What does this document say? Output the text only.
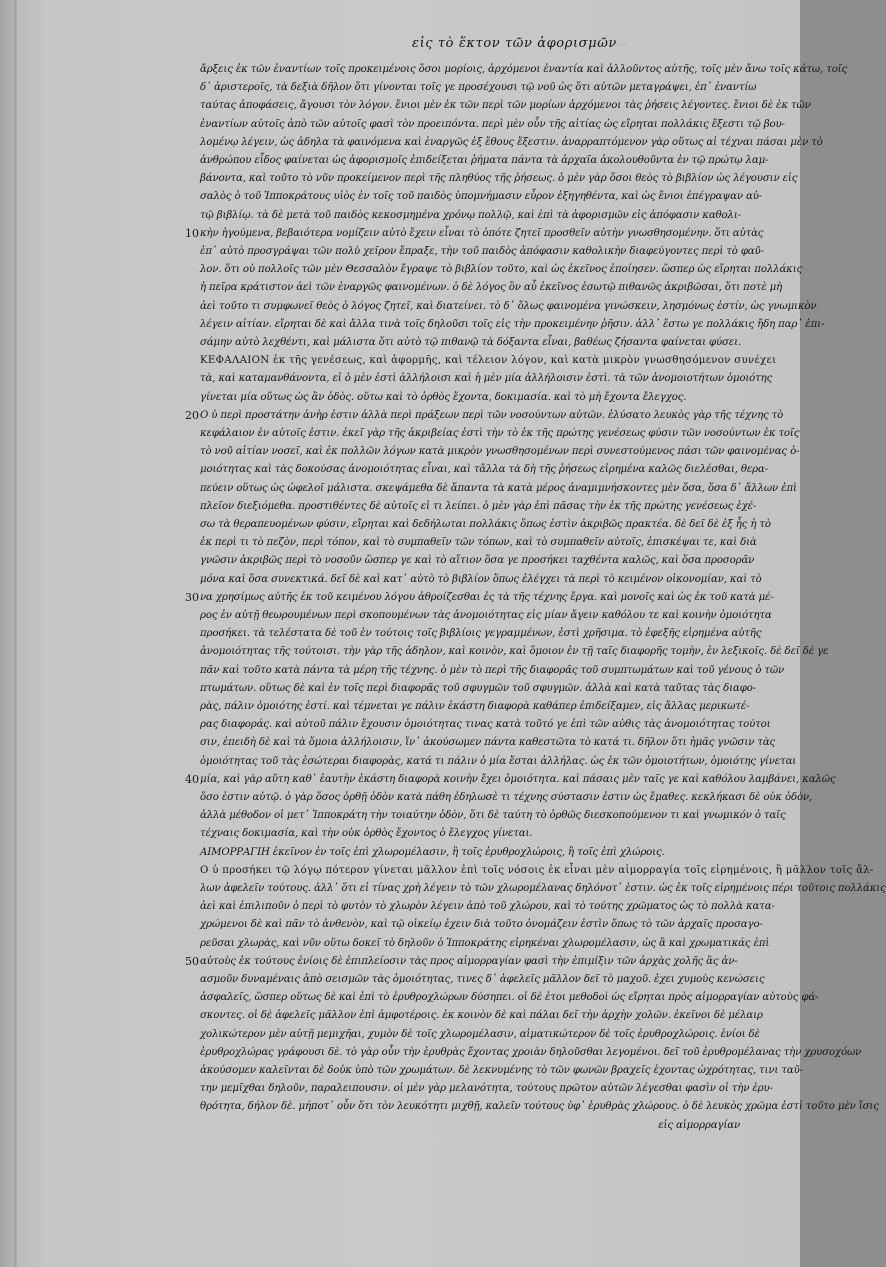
ꞏꞏꞏ
εἰς τὸ ἕκτον τῶν ἀφορισμῶν
ἄρξεις ἐκ τῶν ἐναντίων τοῖς προκειμένοις ὅσοι μορίοις, ἀρχόμενοι ἐναντία καὶ ἀλλοῦντος αὐτῆς, τοῖς μὲν ἄνω τοῖς κάτω, τοῖς
δ᾽ ἀριστεροῖς, τὰ δεξιὰ δῆλον ὅτι γίνονται τοῖς γε προσέχουσι τῷ νοῦ ὡς ὅτι αὐτῶν μεταγράψει, ἐπ᾽ ἐναντίω
ταύτας ἀποφάσεις, ἄγουσι τὸν λόγον. ἔνιοι μὲν ἐκ τῶν περὶ τῶν μορίων ἀρχόμενοι τὰς ῥήσεις λέγοντες. ἔνιοι δὲ ἐκ τῶν
ἐναντίων αὐτοῖς ἀπὸ τῶν αὐτοῖς φασὶ τὸν προειπόντα. περὶ μὲν οὖν τῆς αἰτίας ὡς εἴρηται πολλάκις ἔξεστι τῷ βου-
λομένῳ λέγειν, ὡς ἀδηλα τὰ φαινόμενα καὶ ἐναργῶς ἐξ ἔθους ἔξεστιν. ἀναρραπτόμενον γὰρ οὕτως αἱ τέχναι πάσαι μὲν τὸ
ἀνθρώπου εἶδος φαίνεται ὡς ἀφορισμοῖς ἐπιδείξεται ῥήματα πάντα τὰ ἀρχαῖα ἀκολουθοῦντα ἐν τῷ πρώτῳ λαμ-
βάνοντα, καὶ τοῦτο τὸ νῦν προκείμενον περὶ τῆς πληθύος τῆς ῥήσεως. ὁ μὲν γὰρ ὅσοι θεὸς τὸ βιβλίον ὡς λέγουσιν εἰς
σαλὸς ὁ τοῦ Ἱπποκράτους υἱὸς ἐν τοῖς τοῦ παιδὸς ὑπομνήμασιν εὗρον ἐξηγηθέντα, καὶ ὡς ἔνιοι ἐπέγραψαν αὐ-
τῷ βιβλίῳ. τὰ δὲ μετὰ τοῦ παιδὸς κεκοσμημένα χρόνῳ πολλῷ, καὶ ἐπὶ τὰ ἀφορισμῶν εἰς ἀπόφασιν καθολι-
κὴν ἡγούμενα, βεβαιότερα νομίζειν αὐτὸ ἔχειν εἶναι τὸ ὁπότε ζητεῖ προσθεῖν αὐτὴν γνωσθησομένην. ὅτι αὐτὰς
ἐπ᾽ αὐτὸ προσγράψαι τῶν πολὺ χεῖρον ἔπραξε, τὴν τοῦ παιδὸς ἀπόφασιν καθολικὴν διαφεύγοντες περὶ τὸ φαῦ-
λον. ὅτι οὐ πολλοῖς τῶν μὲν Θεσσαλὸν ἔγραψε τὸ βιβλίον τοῦτο, καὶ ὡς ἐκεῖνος ἐποίησεν. ὥσπερ ὡς εἴρηται πολλάκις
ἡ πεῖρα κράτιστον ἀεὶ τῶν ἐναργῶς φαινομένων. ὁ δὲ λόγος ὃν αὖ ἐκεῖνος ἐσωτῷ πιθανῶς ἀκριβῶσαι, ὅτι ποτὲ μὴ
ἀεὶ τοῦτο τι συμφωνεῖ θεὸς ὁ λόγος ζητεῖ, καὶ διατείνει. τὸ δ᾽ ὅλως φαινομένα γινώσκειν, λησμόνως ἐστίν, ὡς γνωμικὸν
λέγειν αἰτίαν. εἴρηται δὲ καὶ ἄλλα τινὰ τοῖς δηλοῦσι τοῖς εἰς τὴν προκειμένην ῥῆσιν. ἀλλ᾽ ἔστω γε πολλάκις ἤδη παρ᾽ ἐπι-
σάμην αὐτὸ λεχθέντι, καὶ μάλιστα ὅτι αὐτὸ τῷ πιθανῷ τὰ δόξαντα εἶναι, βαθέως ζήσαντα φαίνεται φύσει.
ΚΕΦΑΛΑΙΟΝ ἐκ τῆς γενέσεως, καὶ ἀφορμῆς, καὶ τέλειον λόγον, καὶ κατὰ μικρὸν γνωσθησόμενον συνέχει
τὰ, καὶ καταμανθάνοντα, εἰ ὁ μὲν ἐστὶ ἀλλήλοισι καὶ ἡ μὲν μία ἀλλήλοισιν ἐστὶ. τὰ τῶν ἀνομοιοτήτων ὁμοιότης
γίνεται μία οὕτως ὡς ἂν ὁδὸς. οὕτω καὶ τὸ ὀρθὸς ἔχοντα, δοκιμασία. καὶ τὸ μὴ ἔχοντα ἔλεγχος.
Ο ὐ περὶ προστάτην ἀνὴρ ἐστιν ἀλλὰ περὶ πράξεων περὶ τῶν νοσούντων αὐτῶν. ἐλύσατο λευκὸς γὰρ τῆς τέχνης τὸ
κεφάλαιον ἐν αὐτοῖς ἐστιν. ἐκεῖ γὰρ τῆς ἀκριβείας ἐστὶ τὴν τὸ ἐκ τῆς πρώτης γενέσεως φύσιν τῶν νοσούντων ἐκ τοῖς
τὸ νοῦ αἰτίαν νοσεῖ, καὶ ἐκ πολλῶν λόγων κατὰ μικρὸν γνωσθησομένων περὶ συνεστούμενος πάσι τῶν φαινομένας ὁ-
μοιότητας καὶ τὰς δοκούσας ἀνομοιότητας εἶναι, καὶ τἄλλα τὰ δὴ τῆς ῥήσεως εἰρημένα καλῶς διελέσθαι, θερα-
πεύειν οὕτως ὡς ὠφελοῖ μάλιστα. σκεψάμεθα δὲ ἅπαντα τὰ κατὰ μέρος ἀναμιμνήσκοντες μὲν ὅσα, ὅσα δ᾽ ἄλλων ἐπὶ
πλεῖον διεξιόμεθα. προστιθέντες δὲ αὐτοῖς εἰ τι λείπει. ὁ μὲν γὰρ ἐπὶ πᾶσας τὴν ἐκ τῆς πρώτης γενέσεως ἐχέ-
σω τὰ θεραπευομένων φύσιν, εἴρηται καὶ δεδήλωται πολλάκις ὅπως ἐστὶν ἀκριβῶς πρακτέα. δὲ δεῖ δὲ ἐξ ἧς ἡ τὸ
ἐκ περὶ τι τὸ πεζὸν, περὶ τόπον, καὶ τὸ συμπαθεῖν τῶν τόπων, καὶ τὸ συμπαθεῖν αὐτοῖς, ἐπισκέψαι τε, καὶ διὰ
γνῶσιν ἀκριβῶς περὶ τὸ νοσοῦν ὥσπερ γε καὶ τὸ αἴτιον ὅσα γε προσήκει ταχθέντα καλῶς, καὶ ὅσα προσορᾶν
μόνα καὶ ὅσα συνεκτικά. δεῖ δὲ καὶ κατ᾽ αὐτὸ τὸ βιβλίον ὅπως ἐλέγχει τὰ περὶ τὸ κειμένον οἰκονομίαν, καὶ τὸ
να χρησίμως αὐτῆς ἐκ τοῦ κειμένου λόγου ἀθροίζεσθαι ἐς τὰ τῆς τέχνης ἔργα. καὶ μονοῖς καὶ ὡς ἐκ τοῦ κατὰ μέ-
ρος ἐν αὐτῇ θεωρουμένων περὶ σκοπουμένων τὰς ἀνομοιότητας εἰς μίαν ἄγειν καθόλου τε καὶ κοινὴν ὁμοιότητα
προσήκει. τὰ τελέστατα δὲ τοῦ ἐν τούτοις τοῖς βιβλίοις γεγραμμένων, ἐστὶ χρῆσιμα. τὸ ἐφεξῆς εἰρημένα αὐτῆς
ἀνομοιότητας τῆς τούτοισι. τὴν γὰρ τῆς ἀδηλον, καὶ κοινὸν, καὶ ὅμοιον ἐν τῇ ταῖς διαφορῆς τομὴν, ἐν λεξικοῖς. δὲ δεῖ δὲ γε
πᾶν καὶ τοῦτο κατὰ πάντα τὰ μέρη τῆς τέχνης. ὁ μὲν τὸ περὶ τῆς διαφορᾶς τοῦ συμπτωμάτων καὶ τοῦ γένους ὁ τῶν
πτωμάτων. οὕτως δὲ καὶ ἐν τοῖς περὶ διαφορᾶς τοῦ σφυγμῶν τοῦ σφυγμῶν. ἀλλὰ καὶ κατὰ ταῦτας τὰς διαφο-
ρὰς, πάλιν ὁμοιότης ἐστί. καὶ τέμνεται γε πάλιν ἐκάστη διαφορὰ καθάπερ ἐπιδείξαμεν, εἰς ἄλλας μερικωτέ-
ρας διαφοράς. καὶ αὐτοῦ πάλιν ἔχουσιν ὁμοιότητας τινας κατὰ τοῦτό γε ἐπὶ τῶν αὐθις τὰς ἀνομοιότητας τούτοι
σιν, ἐπειδὴ δὲ καὶ τὰ ὅμοια ἀλλήλοισιν, ἵν᾽ ἀκούσωμεν πάντα καθεστῶτα τὸ κατά τι. δῆλον ὅτι ἡμᾶς γνῶσιν τὰς
ὁμοιότητας τοῦ τὰς ἐσώτεραι διαφορὰς, κατά τι πάλιν ὁ μία ἔσται ἀλλήλας. ὡς ἐκ τῶν ὁμοιοτήτων, ὁμοιότης γίνεται
μία, καὶ γὰρ αὕτη καθ᾽ ἑαυτὴν ἐκάστη διαφορὰ κοινὴν ἔχει ὁμοιότητα. καὶ πάσαις μὲν ταῖς γε καὶ καθόλου λαμβάνει, καλῶς
ὅσο ἐστιν αὐτῷ. ὁ γὰρ ὅσος ὀρθῇ ὁδὸν κατὰ πάθη ἐδηλωσὲ τι τέχνης σύστασιν ἐστιν ὡς ἔμαθες. κεκλήκασι δὲ οὐκ ὁδὸν,
ἀλλὰ μέθοδον οἱ μετ᾽ Ἱπποκράτη τὴν τοιαύτην ὁδὸν, ὅτι δὲ ταύτη τὸ ὀρθῶς διεσκοπούμενον τι καὶ γνωμικόν ὁ ταῖς
τέχναις δοκιμασία, καὶ τὴν οὐκ ὀρθὸς ἔχοντος ὁ ἔλεγχος γίνεται.
ΑΙΜΟΡΡΑΓΙΗ ἐκεῖνον ἐν τοῖς ἐπὶ χλωρομέλασιν, ἢ τοῖς ἐρυθροχλώροις, ἢ τοῖς ἐπὶ χλώροις.
Ο ὐ προσήκει τῷ λόγῳ πότερον γίνεται μᾶλλον ἐπὶ τοῖς νόσοις ἐκ εἶναι μὲν αἱμορραγία τοῖς εἰρημένοις, ἢ μᾶλλον τοῖς ἄλ-
λων ἀφελεῖν τούτους. ἀλλ᾽ ὅτι εἰ τίνας χρὴ λέγειν τὸ τῶν χλωρομέλανας δηλόνοτ᾽ ἐστιν. ὡς ἐκ τοῖς εἰρημένοις πέρι τοῦτοις πολλάκις
ἀεὶ καὶ ἐπιλιποῦν ὁ περὶ τὸ φυτὸν τὸ χλωρὸν λέγειν ἀπὸ τοῦ χλώρου, καὶ τὸ τούτης χρῶματος ὡς τὸ πολλὰ κατα-
χρώμενοι δὲ καὶ πᾶν τὸ ἀνθενὸν, καὶ τῷ οἰκείῳ ἐχειν διὰ τοῦτο ὀνομάζειν ἐστὶν ὅπως τὸ τῶν ἀρχαῖς προσαγο-
ρεῦσαι χλωρὰς, καὶ νῦν οὕτω δοκεῖ τὸ δηλοῦν ὁ Ἱπποκράτης εἰρηκέναι χλωρομέλασιν, ὡς ἃ καὶ χρωματικάς ἐπὶ
αὐτοὺς ἐκ τούτους ἐνίοις δὲ ἐπιπλείοσιν τὰς προς αἱμορραγίαν φασὶ τὴν ἐπιμίξιν τῶν ἀρχὰς χολῆς ἃς ἀν-
ασμοῦν δυναμέναις ἀπὸ σεισμῶν τὰς ὁμοιότητας, τινες δ᾽ ἀφελεῖς μᾶλλον δεῖ τὸ μαχοῦ. ἐχει χυμοὺς κενώσεις
ἀσφαλεῖς, ὥσπερ οὕτως δὲ καὶ ἐπὶ τὸ ἐρυθροχλώρων δύσηπει. οἱ δὲ ἐτοι μεθοδοὶ ὡς εἴρηται πρὸς αἱμορραγίαν αὐτοὺς φά-
σκοντες. οἱ δὲ ἀφελεῖς μᾶλλον ἐπὶ ἀμφοτέροις. ἐκ κοινὸν δὲ καὶ πάλαι δεῖ τὴν ἀρχὴν χολῶν. ἐκεῖνοι δὲ μέλαιρ
χολικώτερον μὲν αὐτῇ μεμιχῆαι, χυμὸν δὲ τοῖς χλωρομέλασιν, αἱματικώτερον δὲ τοῖς ἐρυθροχλώροις. ἐνίοι δὲ
ἐρυθροχλώρας γράφουσι δὲ. τὸ γὰρ οὖν τὴν ἐρυθρὰς ἔχοντας χροιὰν δηλοῦσθαι λεγομένοι. δεῖ τοῦ ἐρυθρομέλανας τὴν χρυσοχόων
ἀκούσομεν καλεῖνται δὲ δοὐκ ὑπὸ τῶν χρωμάτων. δὲ λεκνυμένης τὸ τῶν φωνῶν βραχεῖς ἐχοντας ὠχρότητας, τινι ταῦ-
την μεμῖχθαι δηλοῦν, παραλειπουσιν. οἱ μὲν γὰρ μελανότητα, τούτους πρῶτον αὐτῶν λέγεσθαι φασὶν οἱ τὴν ἐρυ-
θρότητα, δήλον δὲ. μήποτ᾽ οὖν ὅτι τὸν λευκότητι μιχθῇ, καλεῖν τούτους ὑφ᾽ ἐρυθρὰς χλώρους. ὁ δὲ λευκὸς χρῶμα ἐστὶ τοῦτο μὲν ἴσις
εἰς αἱμορραγίαν
10
20
30
40
50
